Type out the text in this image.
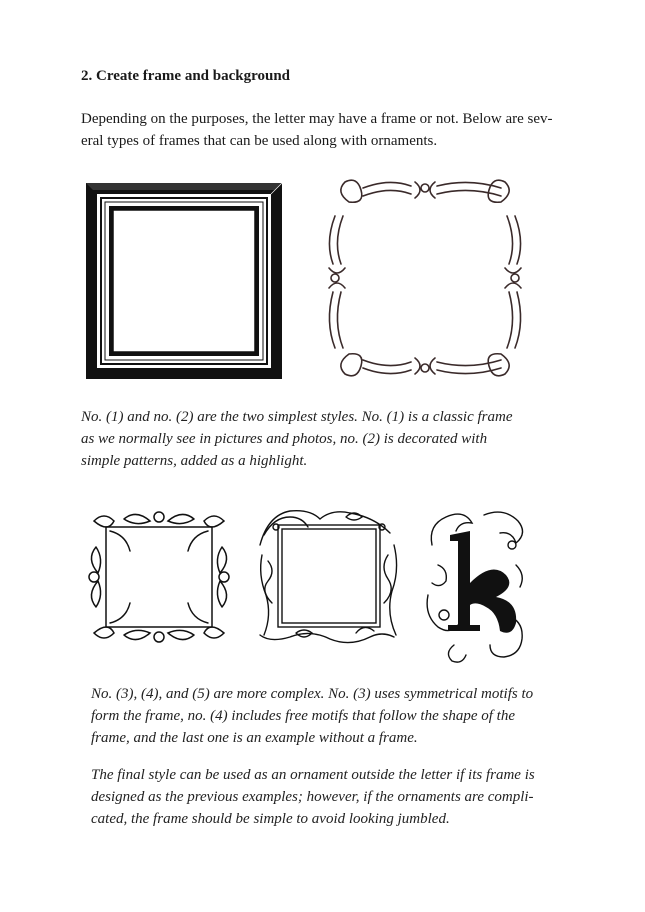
2. Create frame and background
Depending on the purposes, the letter may have a frame or not. Below are sev-
eral types of frames that can be used along with ornaments.
No. (1) and no. (2) are the two simplest styles. No. (1) is a classic frame
as we normally see in pictures and photos, no. (2) is decorated with
simple patterns, added as a highlight.
No. (3), (4), and (5) are more complex. No. (3) uses symmetrical motifs to
form the frame, no. (4) includes free motifs that follow the shape of the
frame, and the last one is an example without a frame.
The final style can be used as an ornament outside the letter if its frame is
designed as the previous examples; however, if the ornaments are compli-
cated, the frame should be simple to avoid looking jumbled.
